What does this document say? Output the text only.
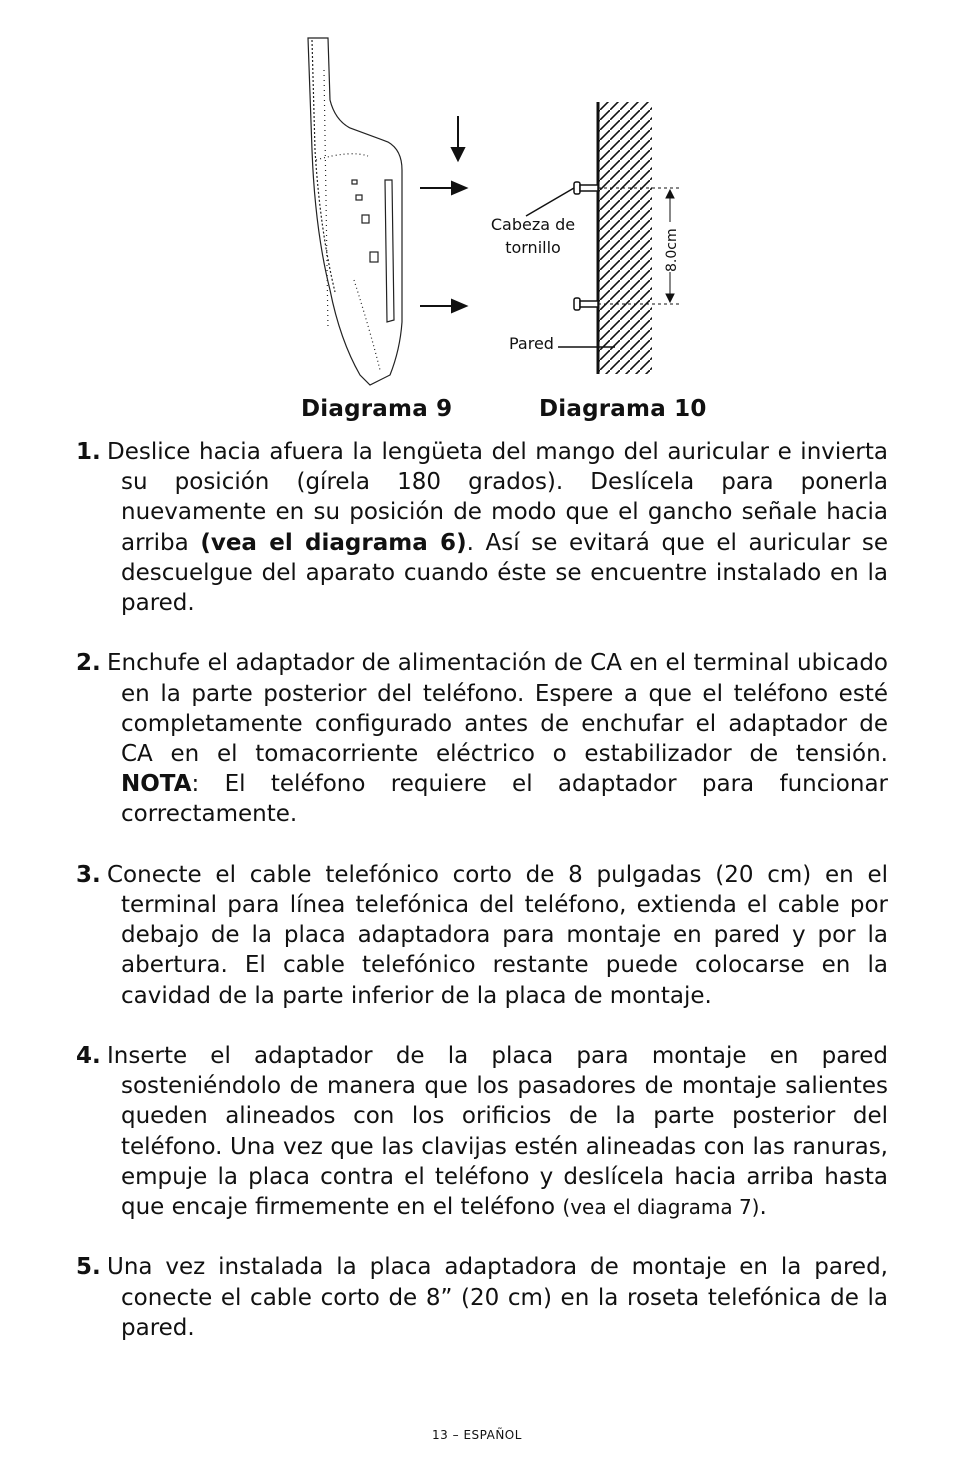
8.0cm
Cabeza de
tornillo
Pared
Diagrama 9	Diagrama 10
1. Deslice hacia afuera la lengüeta del mango del auricular e invierta su posición (gírela 180 grados). Deslícela para ponerla nuevamente en su posición de modo que el gancho señale hacia arriba (vea el diagrama 6). Así se evitará que el auricular se descuelgue del aparato cuando éste se encuentre instalado en la pared.
2. Enchufe el adaptador de alimentación de CA en el terminal ubicado en la parte posterior del teléfono. Espere a que el teléfono esté completamente configurado antes de enchufar el adaptador de CA en el tomacorriente eléctrico o estabilizador de tensión. NOTA: El teléfono requiere el adaptador para funcionar correctamente.
3. Conecte el cable telefónico corto de 8 pulgadas (20 cm) en el terminal para línea telefónica del teléfono, extienda el cable por debajo de la placa adaptadora para montaje en pared y por la abertura. El cable telefónico restante puede colocarse en la cavidad de la parte inferior de la placa de montaje.
4. Inserte el adaptador de la placa para montaje en pared sosteniéndolo de manera que los pasadores de montaje salientes queden alineados con los orificios de la parte posterior del teléfono. Una vez que las clavijas estén alineadas con las ranuras, empuje la placa contra el teléfono y deslícela hacia arriba hasta que encaje firmemente en el teléfono (vea el diagrama 7).
5. Una vez instalada la placa adaptadora de montaje en la pared, conecte el cable corto de 8” (20 cm) en la roseta telefónica de la pared.
13 – ESPAÑOL
